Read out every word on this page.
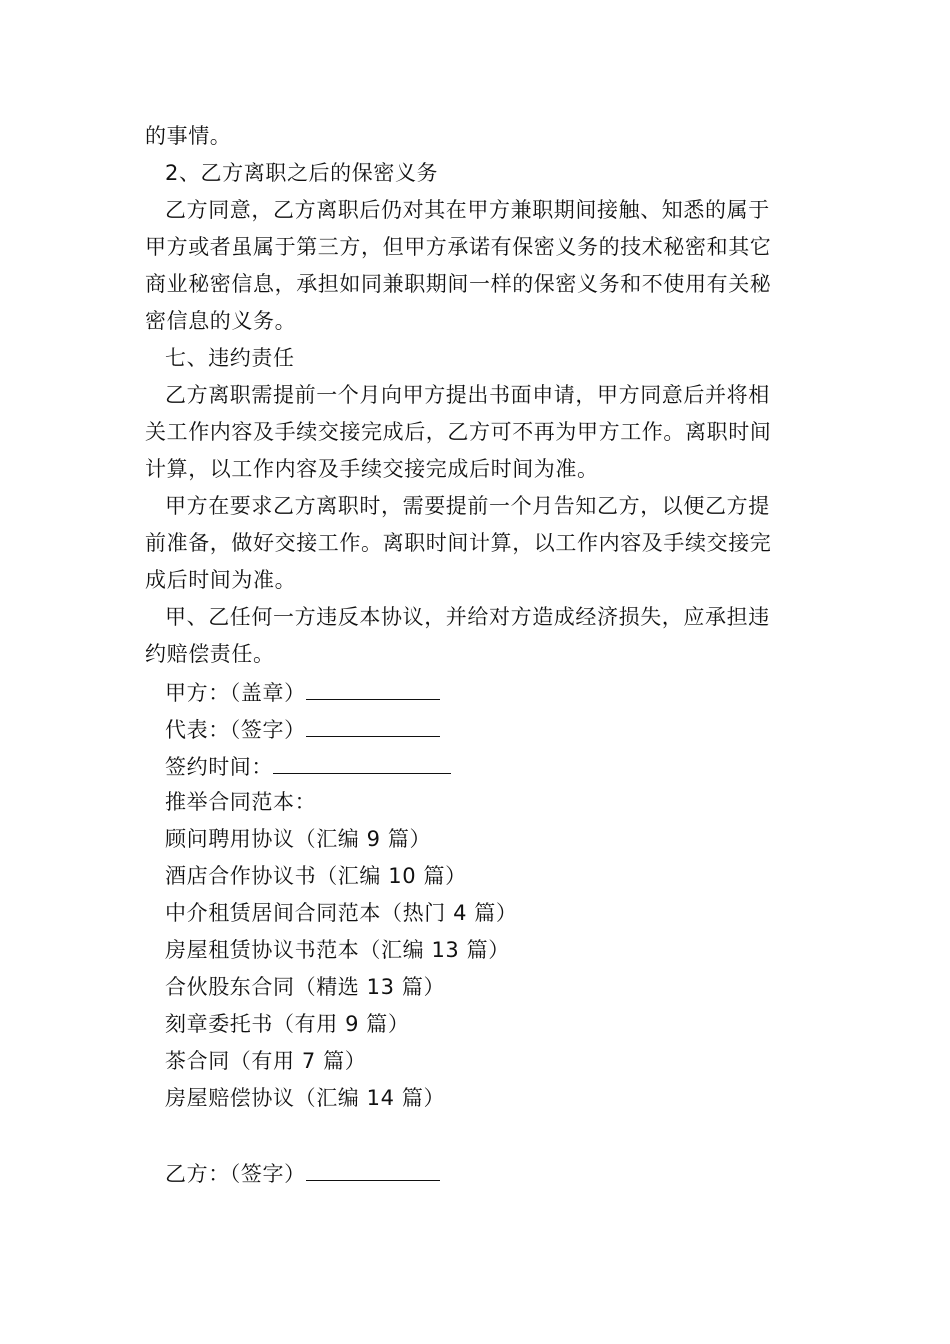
的事情。
2、乙方离职之后的保密义务
乙方同意，乙方离职后仍对其在甲方兼职期间接触、知悉的属于
甲方或者虽属于第三方，但甲方承诺有保密义务的技术秘密和其它
商业秘密信息，承担如同兼职期间一样的保密义务和不使用有关秘
密信息的义务。
七、违约责任
乙方离职需提前一个月向甲方提出书面申请，甲方同意后并将相
关工作内容及手续交接完成后，乙方可不再为甲方工作。离职时间
计算，以工作内容及手续交接完成后时间为准。
甲方在要求乙方离职时，需要提前一个月告知乙方，以便乙方提
前准备，做好交接工作。离职时间计算，以工作内容及手续交接完
成后时间为准。
甲、乙任何一方违反本协议，并给对方造成经济损失，应承担违
约赔偿责任。
甲方：（盖章）
代表：（签字）
签约时间：
推举合同范本：
顾问聘用协议（汇编 9 篇）
酒店合作协议书（汇编 10 篇）
中介租赁居间合同范本（热门 4 篇）
房屋租赁协议书范本（汇编 13 篇）
合伙股东合同（精选 13 篇）
刻章委托书（有用 9 篇）
茶合同（有用 7 篇）
房屋赔偿协议（汇编 14 篇）
乙方：（签字）
